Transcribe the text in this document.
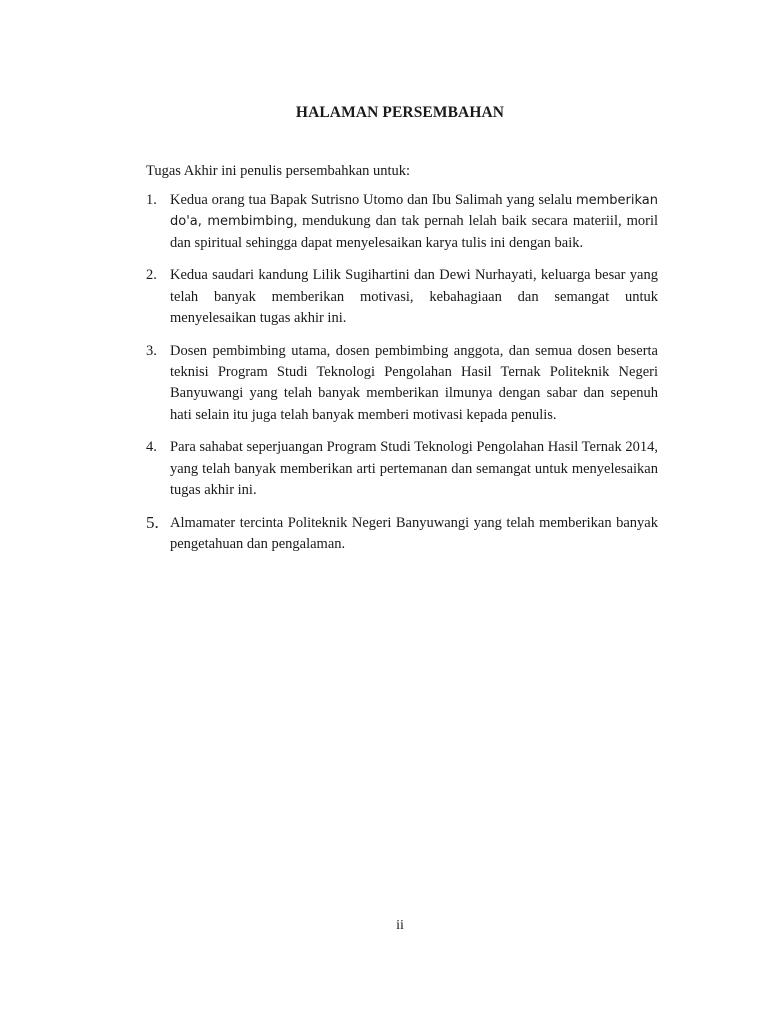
HALAMAN PERSEMBAHAN
Tugas Akhir ini penulis persembahkan untuk:
1. Kedua orang tua Bapak Sutrisno Utomo dan Ibu Salimah yang selalu memberikan do'a, membimbing, mendukung dan tak pernah lelah baik secara materiil, moril dan spiritual sehingga dapat menyelesaikan karya tulis ini dengan baik.
2. Kedua saudari kandung Lilik Sugihartini dan Dewi Nurhayati, keluarga besar yang telah banyak memberikan motivasi, kebahagiaan dan semangat untuk menyelesaikan tugas akhir ini.
3. Dosen pembimbing utama, dosen pembimbing anggota, dan semua dosen beserta teknisi Program Studi Teknologi Pengolahan Hasil Ternak Politeknik Negeri Banyuwangi yang telah banyak memberikan ilmunya dengan sabar dan sepenuh hati selain itu juga telah banyak memberi motivasi kepada penulis.
4. Para sahabat seperjuangan Program Studi Teknologi Pengolahan Hasil Ternak 2014, yang telah banyak memberikan arti pertemanan dan semangat untuk menyelesaikan tugas akhir ini.
5. Almamater tercinta Politeknik Negeri Banyuwangi yang telah memberikan banyak pengetahuan dan pengalaman.
ii
